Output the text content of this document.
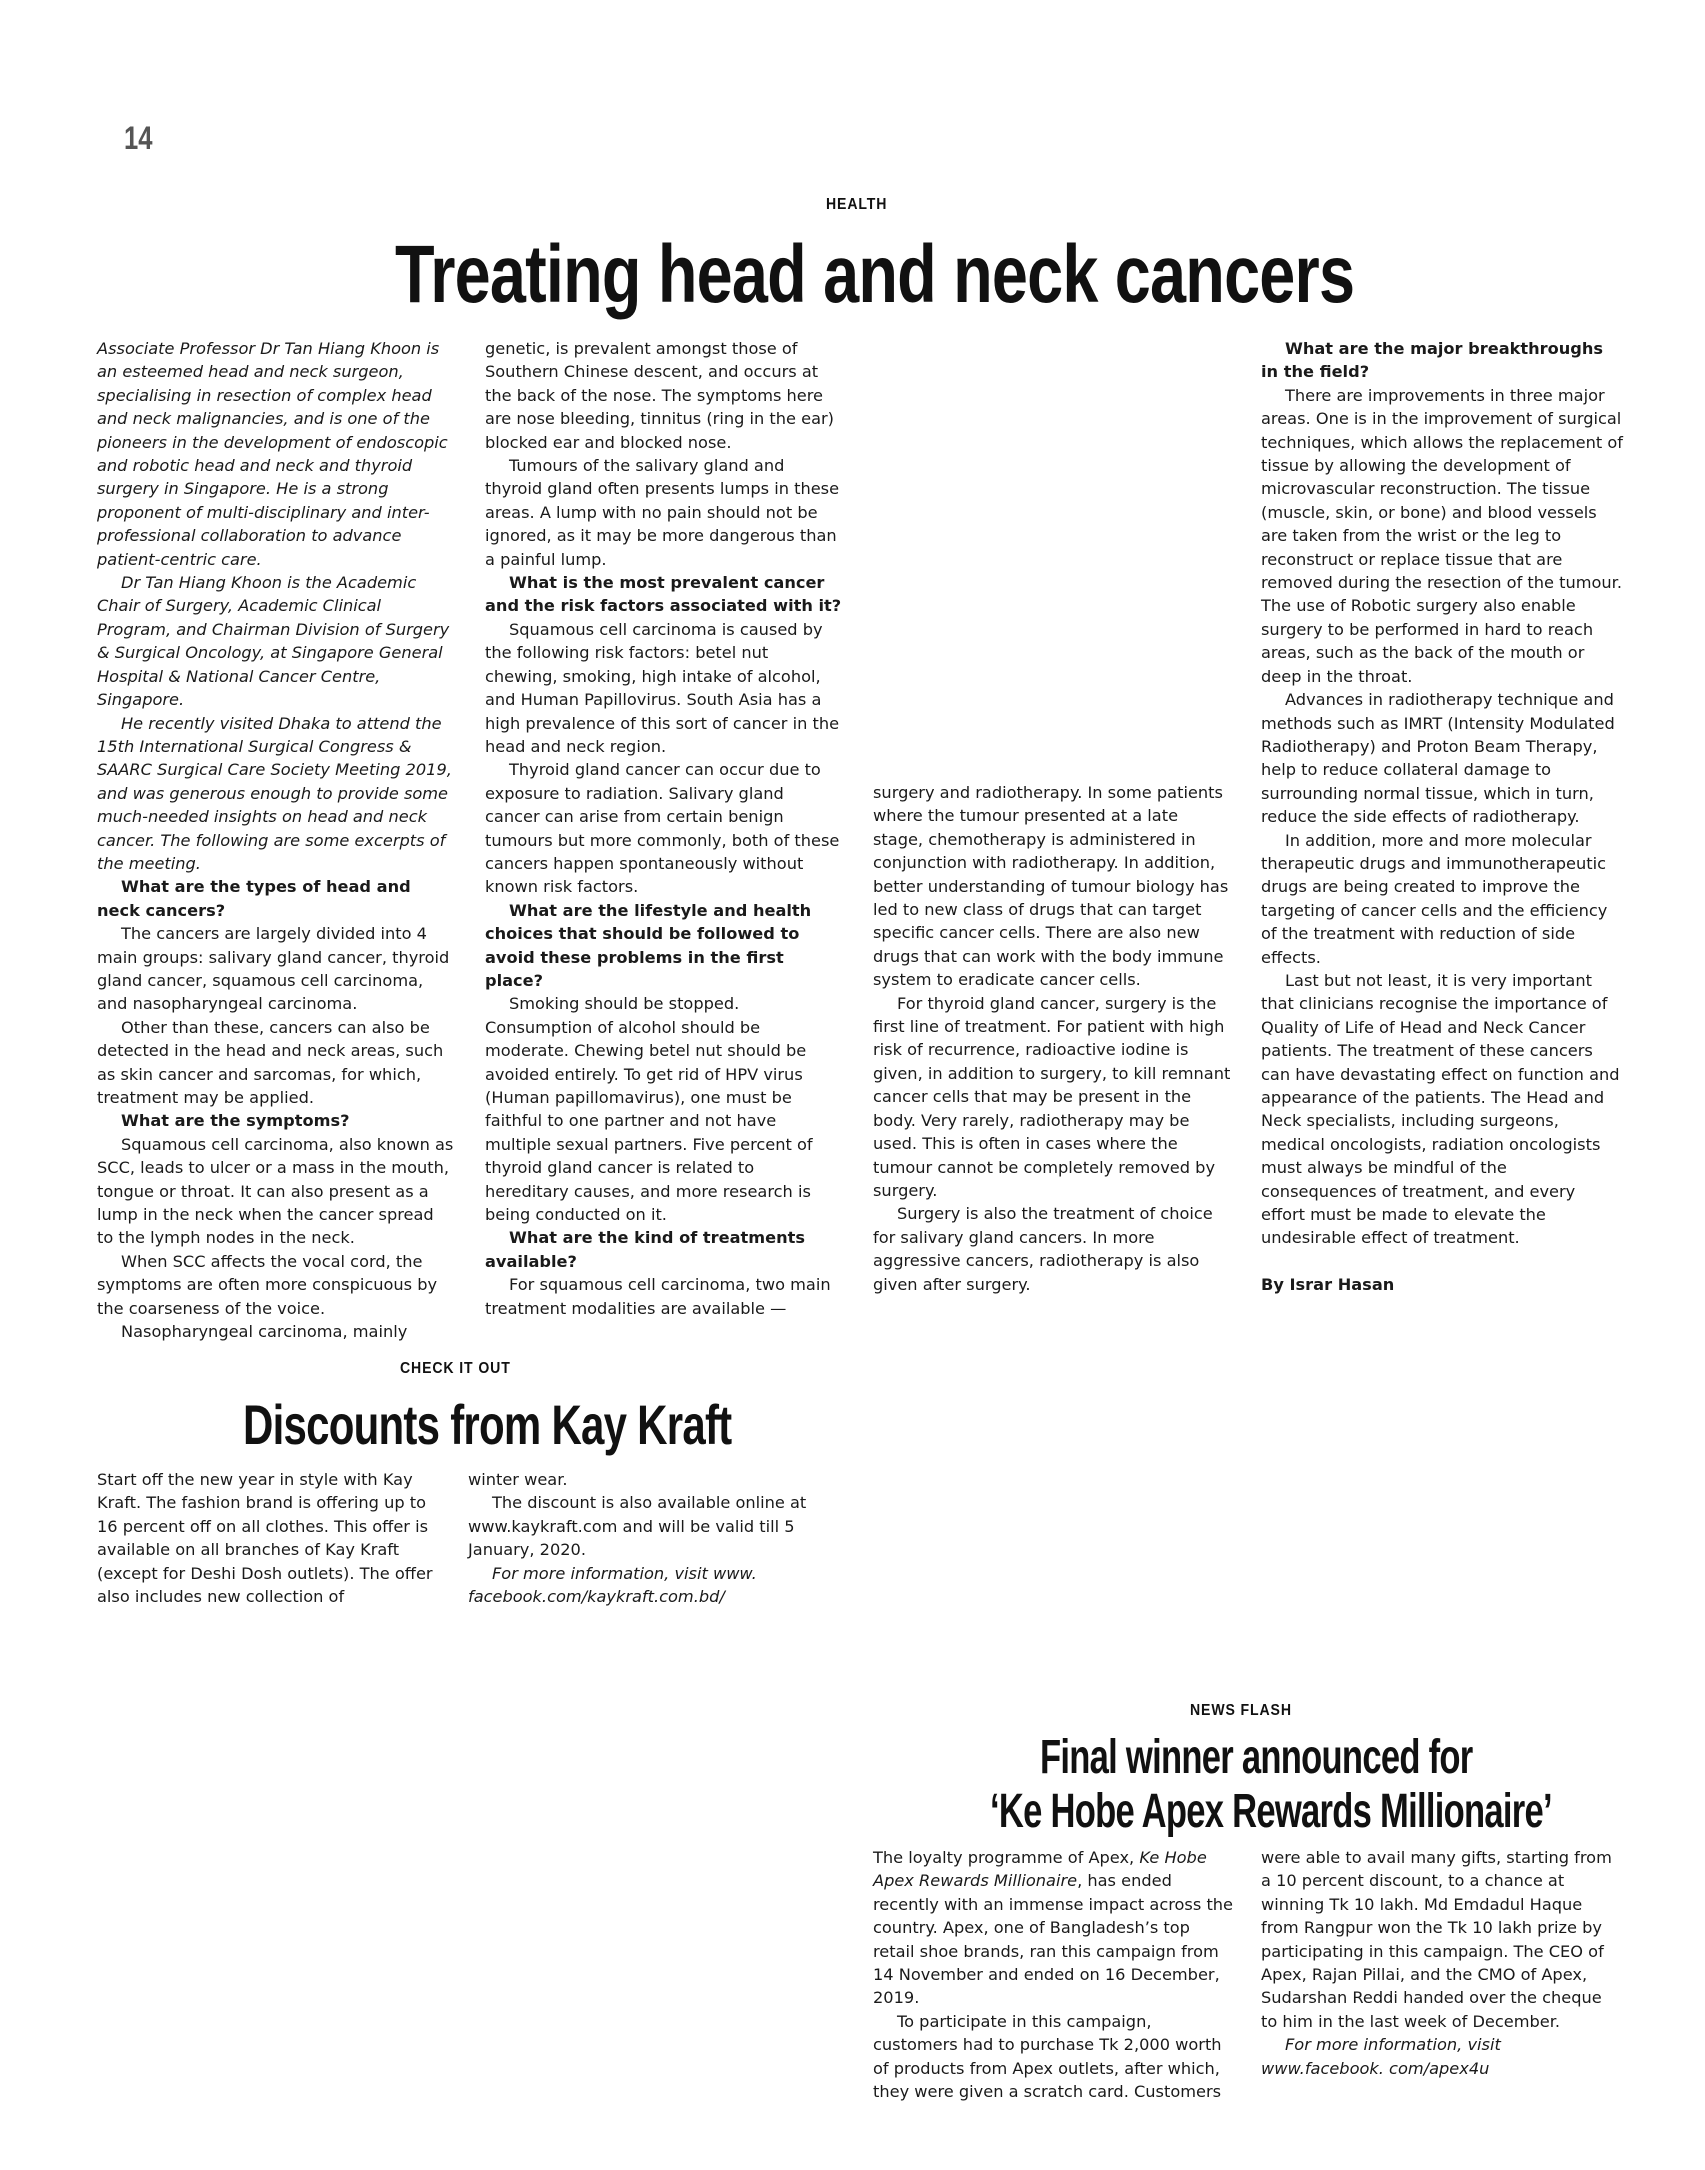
14
HEALTH
Treating head and neck cancers

Associate Professor Dr Tan Hiang Khoon is an esteemed head and neck surgeon, specialising in resection of complex head and neck malignancies, and is one of the pioneers in the development of endoscopic and robotic head and neck and thyroid surgery in Singapore. He is a strong proponent of multi-disciplinary and inter-professional collaboration to advance patient-centric care.

Dr Tan Hiang Khoon is the Academic Chair of Surgery, Academic Clinical Program, and Chairman Division of Surgery & Surgical Oncology, at Singapore General Hospital & National Cancer Centre, Singapore.

He recently visited Dhaka to attend the 15th International Surgical Congress & SAARC Surgical Care Society Meeting 2019, and was generous enough to provide some much-needed insights on head and neck cancer. The following are some excerpts of the meeting.

What are the types of head and neck cancers?

The cancers are largely divided into 4 main groups: salivary gland cancer, thyroid gland cancer, squamous cell carcinoma, and nasopharyngeal carcinoma.

Other than these, cancers can also be detected in the head and neck areas, such as skin cancer and sarcomas, for which, treatment may be applied.

What are the symptoms?

Squamous cell carcinoma, also known as SCC, leads to ulcer or a mass in the mouth, tongue or throat. It can also present as a lump in the neck when the cancer spread to the lymph nodes in the neck.

When SCC affects the vocal cord, the symptoms are often more conspicuous by the coarseness of the voice.

Nasopharyngeal carcinoma, mainly

genetic, is prevalent amongst those of Southern Chinese descent, and occurs at the back of the nose. The symptoms here are nose bleeding, tinnitus (ring in the ear) blocked ear and blocked nose.

Tumours of the salivary gland and thyroid gland often presents lumps in these areas. A lump with no pain should not be ignored, as it may be more dangerous than a painful lump.

What is the most prevalent cancer and the risk factors associated with it?

Squamous cell carcinoma is caused by the following risk factors: betel nut chewing, smoking, high intake of alcohol, and Human Papillovirus. South Asia has a high prevalence of this sort of cancer in the head and neck region.

Thyroid gland cancer can occur due to exposure to radiation. Salivary gland cancer can arise from certain benign tumours but more commonly, both of these cancers happen spontaneously without known risk factors.

What are the lifestyle and health choices that should be followed to avoid these problems in the first place?

Smoking should be stopped. Consumption of alcohol should be moderate. Chewing betel nut should be avoided entirely. To get rid of HPV virus (Human papillomavirus), one must be faithful to one partner and not have multiple sexual partners. Five percent of thyroid gland cancer is related to hereditary causes, and more research is being conducted on it.

What are the kind of treatments available?

For squamous cell carcinoma, two main treatment modalities are available —

surgery and radiotherapy. In some patients where the tumour presented at a late stage, chemotherapy is administered in conjunction with radiotherapy. In addition, better understanding of tumour biology has led to new class of drugs that can target specific cancer cells. There are also new drugs that can work with the body immune system to eradicate cancer cells.

For thyroid gland cancer, surgery is the first line of treatment. For patient with high risk of recurrence, radioactive iodine is given, in addition to surgery, to kill remnant cancer cells that may be present in the body. Very rarely, radiotherapy may be used. This is often in cases where the tumour cannot be completely removed by surgery.

Surgery is also the treatment of choice for salivary gland cancers. In more aggressive cancers, radiotherapy is also given after surgery.

What are the major breakthroughs in the field?

There are improvements in three major areas. One is in the improvement of surgical techniques, which allows the replacement of tissue by allowing the development of microvascular reconstruction. The tissue (muscle, skin, or bone) and blood vessels are taken from the wrist or the leg to reconstruct or replace tissue that are removed during the resection of the tumour. The use of Robotic surgery also enable surgery to be performed in hard to reach areas, such as the back of the mouth or deep in the throat.

Advances in radiotherapy technique and methods such as IMRT (Intensity Modulated Radiotherapy) and Proton Beam Therapy, help to reduce collateral damage to surrounding normal tissue, which in turn, reduce the side effects of radiotherapy.

In addition, more and more molecular therapeutic drugs and immunotherapeutic drugs are being created to improve the targeting of cancer cells and the efficiency of the treatment with reduction of side effects.

Last but not least, it is very important that clinicians recognise the importance of Quality of Life of Head and Neck Cancer patients. The treatment of these cancers can have devastating effect on function and appearance of the patients. The Head and Neck specialists, including surgeons, medical oncologists, radiation oncologists must always be mindful of the consequences of treatment, and every effort must be made to elevate the undesirable effect of treatment.

By Israr Hasan

CHECK IT OUT
Discounts from Kay Kraft

Start off the new year in style with Kay Kraft. The fashion brand is offering up to 16 percent off on all clothes. This offer is available on all branches of Kay Kraft (except for Deshi Dosh outlets). The offer also includes new collection of

winter wear.

The discount is also available online at www.kaykraft.com and will be valid till 5 January, 2020.

For more information, visit www. facebook.com/kaykraft.com.bd/

NEWS FLASH
Final winner announced for
‘Ke Hobe Apex Rewards Millionaire’

The loyalty programme of Apex, Ke Hobe Apex Rewards Millionaire, has ended recently with an immense impact across the country. Apex, one of Bangladesh’s top retail shoe brands, ran this campaign from 14 November and ended on 16 December, 2019.

To participate in this campaign, customers had to purchase Tk 2,000 worth of products from Apex outlets, after which, they were given a scratch card. Customers

were able to avail many gifts, starting from a 10 percent discount, to a chance at winning Tk 10 lakh. Md Emdadul Haque from Rangpur won the Tk 10 lakh prize by participating in this campaign. The CEO of Apex, Rajan Pillai, and the CMO of Apex, Sudarshan Reddi handed over the cheque to him in the last week of December.

For more information, visit www.facebook. com/apex4u
